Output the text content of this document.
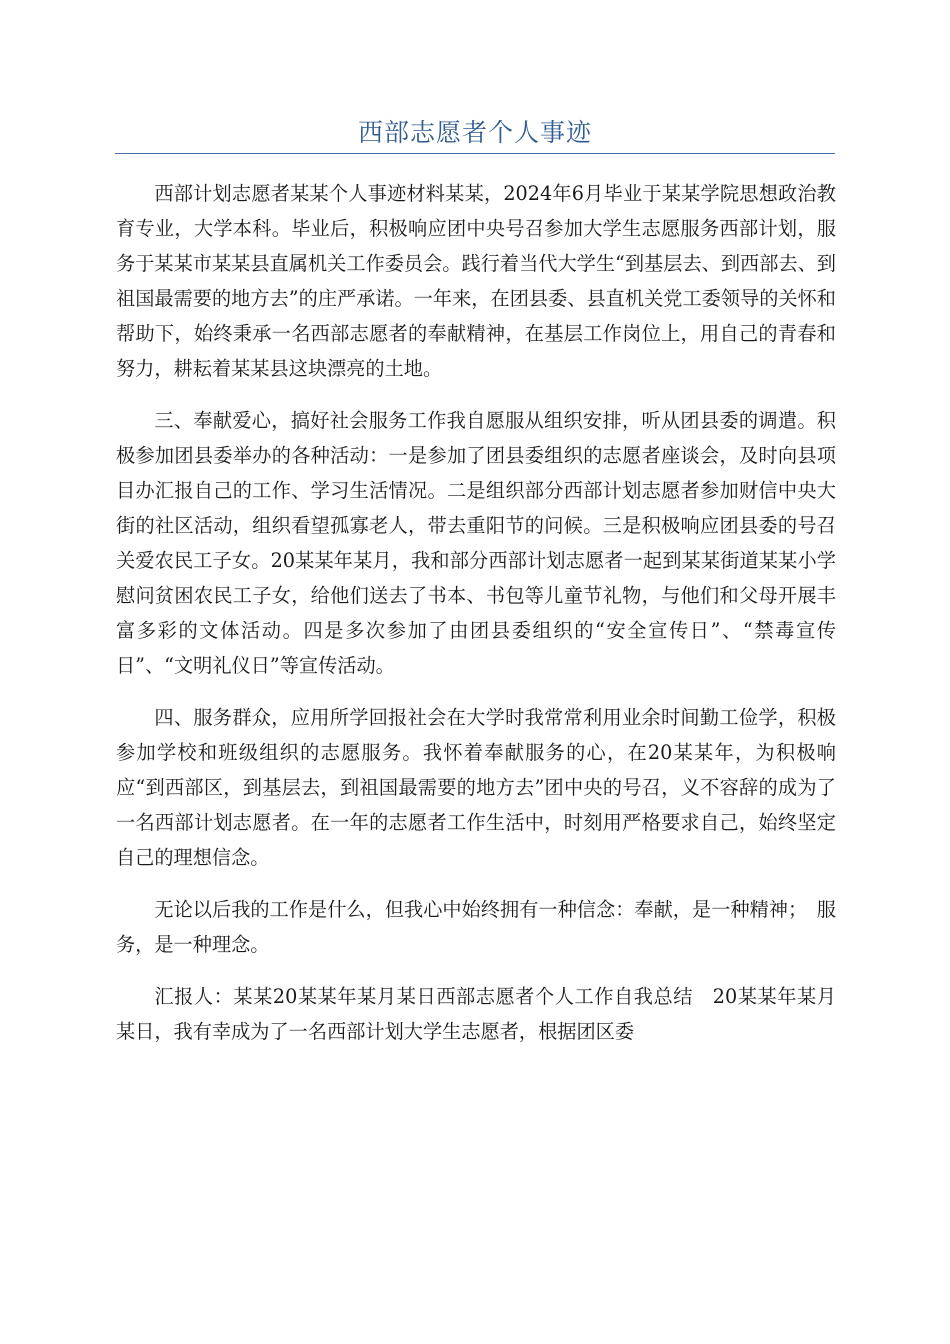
西部志愿者个人事迹

西部计划志愿者某某个人事迹材料某某，2024年6月毕业于某某学院思想政治教育专业，大学本科。毕业后，积极响应团中央号召参加大学生志愿服务西部计划，服务于某某市某某县直属机关工作委员会。践行着当代大学生“到基层去、到西部去、到祖国最需要的地方去”的庄严承诺。一年来，在团县委、县直机关党工委领导的关怀和帮助下，始终秉承一名西部志愿者的奉献精神，在基层工作岗位上，用自己的青春和努力，耕耘着某某县这块漂亮的土地。

三、奉献爱心，搞好社会服务工作我自愿服从组织安排，听从团县委的调遣。积极参加团县委举办的各种活动：一是参加了团县委组织的志愿者座谈会，及时向县项目办汇报自己的工作、学习生活情况。二是组织部分西部计划志愿者参加财信中央大街的社区活动，组织看望孤寡老人，带去重阳节的问候。三是积极响应团县委的号召关爱农民工子女。20某某年某月，我和部分西部计划志愿者一起到某某街道某某小学慰问贫困农民工子女，给他们送去了书本、书包等儿童节礼物，与他们和父母开展丰富多彩的文体活动。四是多次参加了由团县委组织的“安全宣传日”、“禁毒宣传日”、“文明礼仪日”等宣传活动。

四、服务群众，应用所学回报社会在大学时我常常利用业余时间勤工俭学，积极参加学校和班级组织的志愿服务。我怀着奉献服务的心，在20某某年，为积极响应“到西部区，到基层去，到祖国最需要的地方去”团中央的号召，义不容辞的成为了一名西部计划志愿者。在一年的志愿者工作生活中，时刻用严格要求自己，始终坚定自己的理想信念。

无论以后我的工作是什么，但我心中始终拥有一种信念：奉献，是一种精神；　服务，是一种理念。

汇报人：某某20某某年某月某日西部志愿者个人工作自我总结　20某某年某月某日，我有幸成为了一名西部计划大学生志愿者，根据团区委
